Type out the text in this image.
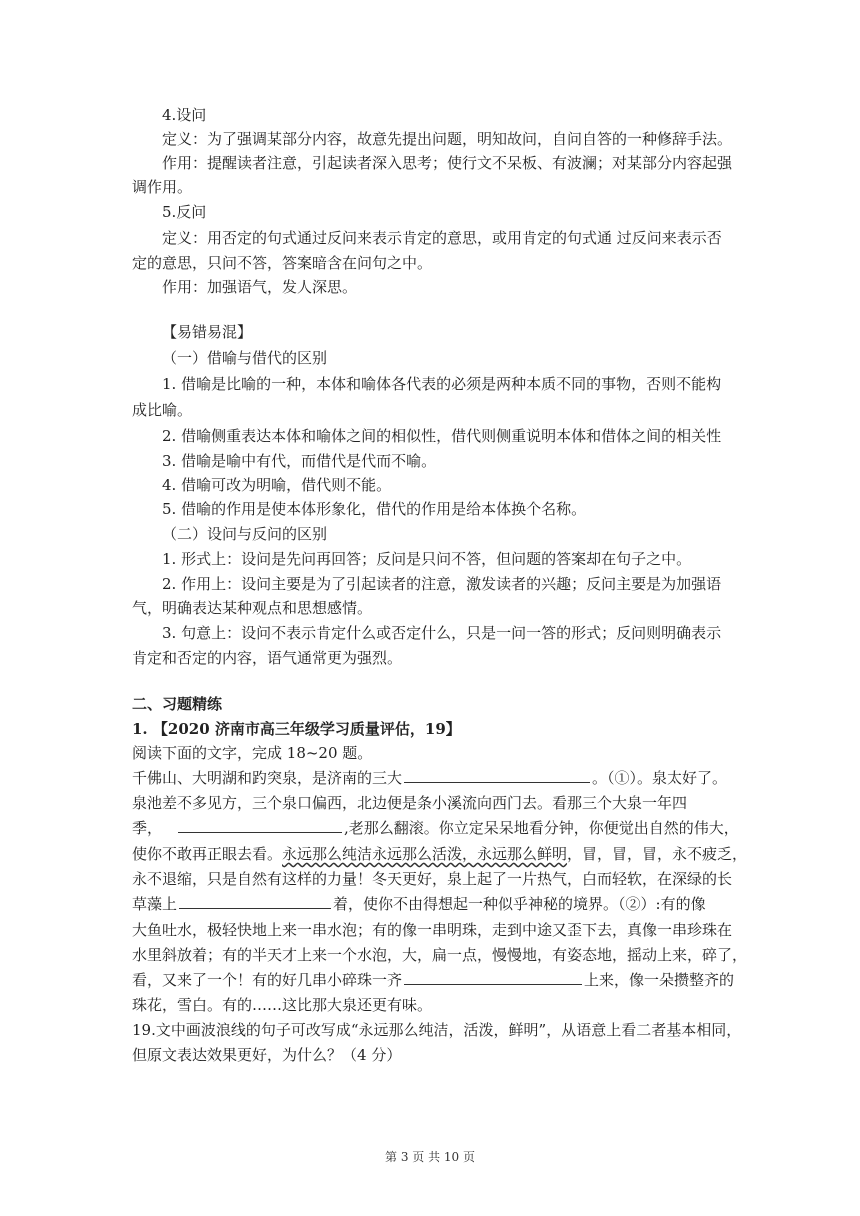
4.设问
定义：为了强调某部分内容，故意先提出问题，明知故问，自问自答的一种修辞手法。
作用：提醒读者注意，引起读者深入思考；使行文不呆板、有波澜；对某部分内容起强
调作用。
5.反问
定义：用否定的句式通过反问来表示肯定的意思，或用肯定的句式通 过反问来表示否
定的意思，只问不答，答案暗含在问句之中。
作用：加强语气，发人深思。
【易错易混】
（一）借喻与借代的区别
1. 借喻是比喻的一种，本体和喻体各代表的必须是两种本质不同的事物，否则不能构
成比喻。
2. 借喻侧重表达本体和喻体之间的相似性，借代则侧重说明本体和借体之间的相关性
3. 借喻是喻中有代，而借代是代而不喻。
4. 借喻可改为明喻，借代则不能。
5. 借喻的作用是使本体形象化，借代的作用是给本体换个名称。
（二）设问与反问的区别
1. 形式上：设问是先问再回答；反问是只问不答，但问题的答案却在句子之中。
2. 作用上：设问主要是为了引起读者的注意，激发读者的兴趣；反问主要是为加强语
气，明确表达某种观点和思想感情。
3. 句意上：设问不表示肯定什么或否定什么，只是一问一答的形式；反问则明确表示
肯定和否定的内容，语气通常更为强烈。
二、习题精练
1. 【2020 济南市高三年级学习质量评估，19】
阅读下面的文字，完成 18~20 题。
千佛山、大明湖和趵突泉，是济南的三大	。（①）。泉太好了。
泉池差不多见方，三个泉口偏西，北边便是条小溪流向西门去。看那三个大泉一年四
季，	,老那么翻滚。你立定呆呆地看分钟，你便觉出自然的伟大，
使你不敢再正眼去看。永远那么纯洁永远那么活泼，永远那么鲜明，冒，冒，冒，永不疲乏，
永不退缩，只是自然有这样的力量！冬天更好，泉上起了一片热气，白而轻软，在深绿的长
草藻上	着，使你不由得想起一种似乎神秘的境界。（②）:有的像
大鱼吐水，极轻快地上来一串水泡；有的像一串明珠，走到中途又歪下去，真像一串珍珠在
水里斜放着；有的半天才上来一个水泡，大，扁一点，慢慢地，有姿态地，摇动上来，碎了，
看，又来了一个！有的好几串小碎珠一齐	上来，像一朵攒整齐的
珠花，雪白。有的……这比那大泉还更有味。
19.文中画波浪线的句子可改写成“永远那么纯洁，活泼，鲜明”，从语意上看二者基本相同，
但原文表达效果更好，为什么？（4 分）
第 3 页 共 10 页
